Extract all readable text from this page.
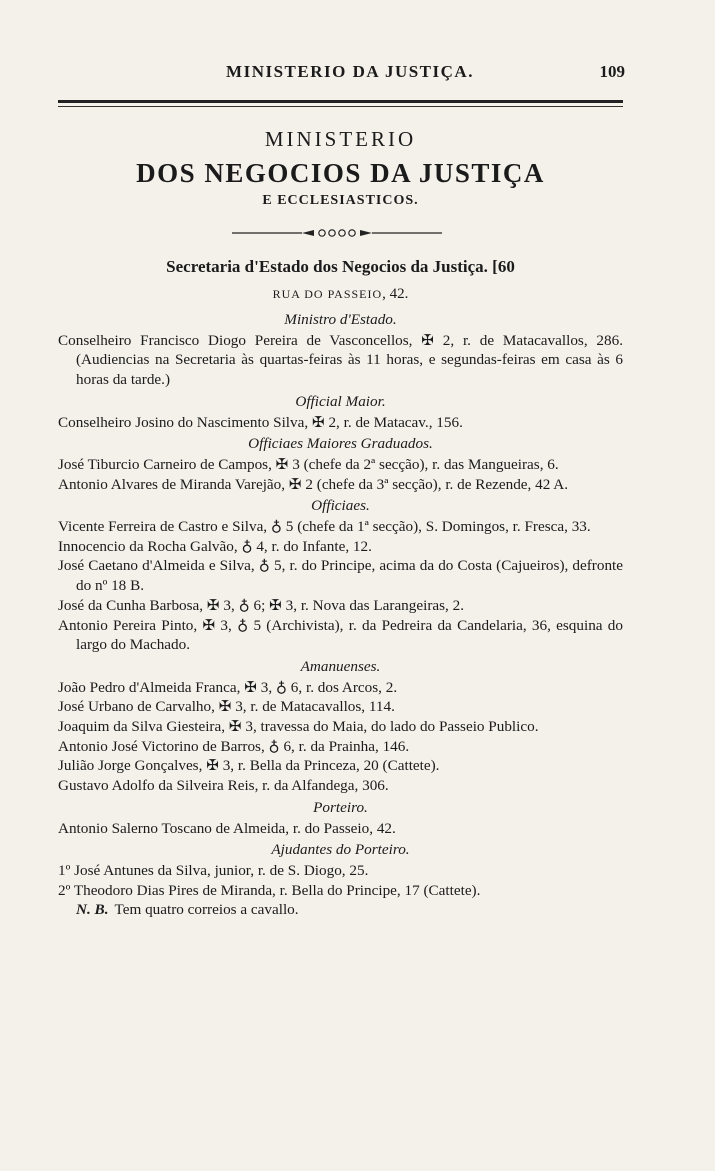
MINISTERIO DA JUSTIÇA.	109
MINISTERIO
DOS NEGOCIOS DA JUSTIÇA
E ECCLESIASTICOS.
Secretaria d'Estado dos Negocios da Justiça. [60
RUA DO PASSEIO, 42.
Ministro d'Estado.
Conselheiro Francisco Diogo Pereira de Vasconcellos, ✠ 2, r. de Matacavallos, 286. (Audiencias na Secretaria às quartas-feiras às 11 horas, e segundas-feiras em casa às 6 horas da tarde.)
Official Maior.
Conselheiro Josino do Nascimento Silva, ✠ 2, r. de Matacav., 156.
Officiaes Maiores Graduados.
José Tiburcio Carneiro de Campos, ✠ 3 (chefe da 2ª secção), r. das Mangueiras, 6.
Antonio Alvares de Miranda Varejão, ✠ 2 (chefe da 3ª secção), r. de Rezende, 42 A.
Officiaes.
Vicente Ferreira de Castro e Silva, ♁ 5 (chefe da 1ª secção), S. Domingos, r. Fresca, 33.
Innocencio da Rocha Galvão, ♁ 4, r. do Infante, 12.
José Caetano d'Almeida e Silva, ♁ 5, r. do Principe, acima da do Costa (Cajueiros), defronte do nº 18 B.
José da Cunha Barbosa, ✠ 3, ♁ 6; ✠ 3, r. Nova das Larangeiras, 2.
Antonio Pereira Pinto, ✠ 3, ♁ 5 (Archivista), r. da Pedreira da Candelaria, 36, esquina do largo do Machado.
Amanuenses.
João Pedro d'Almeida Franca, ✠ 3, ♁ 6, r. dos Arcos, 2.
José Urbano de Carvalho, ✠ 3, r. de Matacavallos, 114.
Joaquim da Silva Giesteira, ✠ 3, travessa do Maia, do lado do Passeio Publico.
Antonio José Victorino de Barros, ♁ 6, r. da Prainha, 146.
Julião Jorge Gonçalves, ✠ 3, r. Bella da Princeza, 20 (Cattete).
Gustavo Adolfo da Silveira Reis, r. da Alfandega, 306.
Porteiro.
Antonio Salerno Toscano de Almeida, r. do Passeio, 42.
Ajudantes do Porteiro.
1º José Antunes da Silva, junior, r. de S. Diogo, 25.
2º Theodoro Dias Pires de Miranda, r. Bella do Principe, 17 (Cattete).
N. B. Tem quatro correios a cavallo.
